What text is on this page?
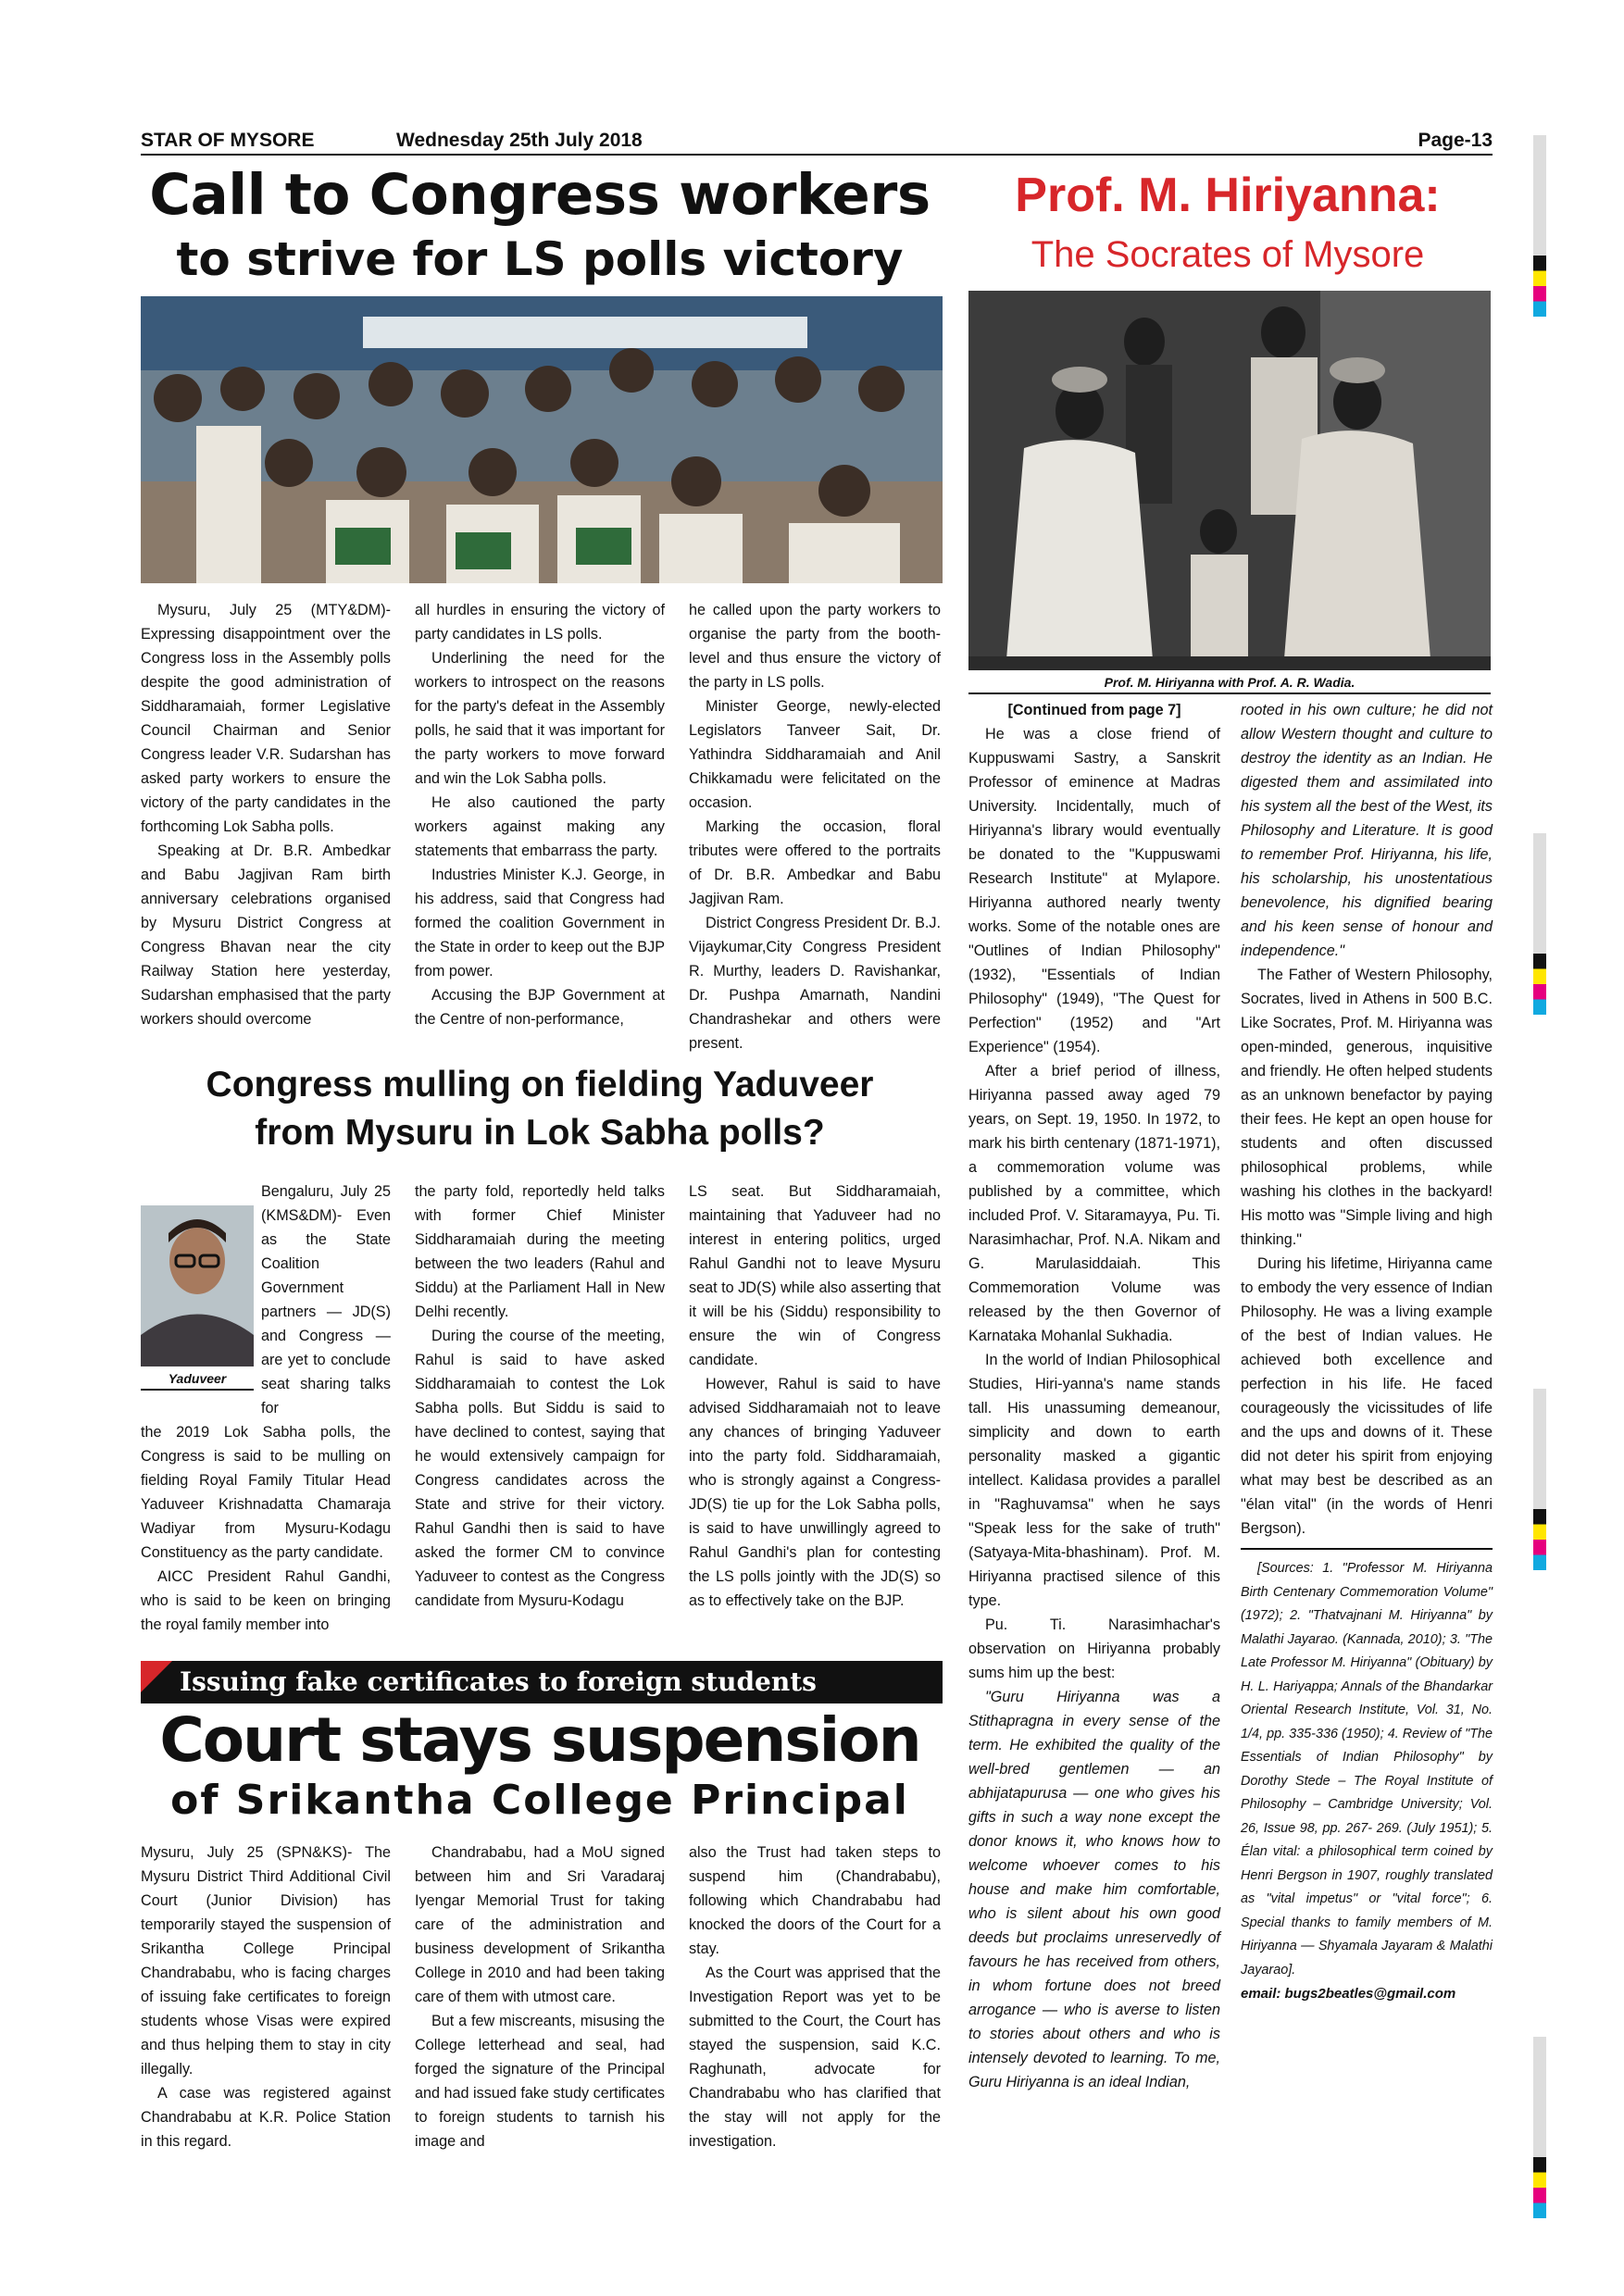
STAR OF MYSORE	Wednesday 25th July 2018	Page-13
Call to Congress workers
to strive for LS polls victory

Mysuru, July 25 (MTY&DM)- Expressing disappointment over the Congress loss in the Assembly polls despite the good administration of Siddharamaiah, former Legislative Council Chairman and Senior Congress leader V.R. Sudarshan has asked party workers to ensure the victory of the party candidates in the forthcoming Lok Sabha polls.

Speaking at Dr. B.R. Ambedkar and Babu Jagjivan Ram birth anniversary celebrations organised by Mysuru District Congress at Congress Bhavan near the city Railway Station here yesterday, Sudarshan emphasised that the party workers should overcome

all hurdles in ensuring the victory of party candidates in LS polls.

Underlining the need for the workers to introspect on the reasons for the party's defeat in the Assembly polls, he said that it was important for the party workers to move forward and win the Lok Sabha polls.

He also cautioned the party workers against making any statements that embarrass the party.

Industries Minister K.J. George, in his address, said that Congress had formed the coalition Government in the State in order to keep out the BJP from power.

Accusing the BJP Government at the Centre of non-performance,

he called upon the party workers to organise the party from the booth-level and thus ensure the victory of the party in LS polls.

Minister George, newly-elected Legislators Tanveer Sait, Dr. Yathindra Siddharamaiah and Anil Chikkamadu were felicitated on the occasion.

Marking the occasion, floral tributes were offered to the portraits of Dr. B.R. Ambedkar and Babu Jagjivan Ram.

District Congress President Dr. B.J. Vijaykumar,City Congress President R. Murthy, leaders D. Ravishankar, Dr. Pushpa Amarnath, Nandini Chandrashekar and others were present.

Congress mulling on fielding Yaduveer
from Mysuru in Lok Sabha polls?
Yaduveer

Bengaluru, July 25 (KMS&DM)- Even as the State Coalition Government partners — JD(S) and Congress — are yet to conclude seat sharing talks for

the 2019 Lok Sabha polls, the Congress is said to be mulling on fielding Royal Family Titular Head Yaduveer Krishnadatta Chamaraja Wadiyar from Mysuru-Kodagu Constituency as the party candidate.

AICC President Rahul Gandhi, who is said to be keen on bringing the royal family member into

the party fold, reportedly held talks with former Chief Minister Siddharamaiah during the meeting between the two leaders (Rahul and Siddu) at the Parliament Hall in New Delhi recently.

During the course of the meeting, Rahul is said to have asked Siddharamaiah to contest the Lok Sabha polls. But Siddu is said to have declined to contest, saying that he would extensively campaign for Congress candidates across the State and strive for their victory. Rahul Gandhi then is said to have asked the former CM to convince Yaduveer to contest as the Congress candidate from Mysuru-Kodagu

LS seat. But Siddharamaiah, maintaining that Yaduveer had no interest in entering politics, urged Rahul Gandhi not to leave Mysuru seat to JD(S) while also asserting that it will be his (Siddu) responsibility to ensure the win of Congress candidate.

However, Rahul is said to have advised Siddharamaiah not to leave any chances of bringing Yaduveer into the party fold. Siddharamaiah, who is strongly against a Congress-JD(S) tie up for the Lok Sabha polls, is said to have unwillingly agreed to Rahul Gandhi's plan for contesting the LS polls jointly with the JD(S) so as to effectively take on the BJP.

Issuing fake certificates to foreign students
Court stays suspension
of Srikantha College Principal

Mysuru, July 25 (SPN&KS)- The Mysuru District Third Additional Civil Court (Junior Division) has temporarily stayed the suspension of Srikantha College Principal Chandrababu, who is facing charges of issuing fake certificates to foreign students whose Visas were expired and thus helping them to stay in city illegally.

A case was registered against Chandrababu at K.R. Police Station in this regard.

Chandrababu, had a MoU signed between him and Sri Varadaraj Iyengar Memorial Trust for taking care of the administration and business development of Srikantha College in 2010 and had been taking care of them with utmost care.

But a few miscreants, misusing the College letterhead and seal, had forged the signature of the Principal and had issued fake study certificates to foreign students to tarnish his image and

also the Trust had taken steps to suspend him (Chandrababu), following which Chandrababu had knocked the doors of the Court for a stay.

As the Court was apprised that the Investigation Report was yet to be submitted to the Court, the Court has stayed the suspension, said K.C. Raghunath, advocate for Chandrababu who has clarified that the stay will not apply for the investigation.

Prof. M. Hiriyanna:
The Socrates of Mysore
Prof. M. Hiriyanna with Prof. A. R. Wadia.

[Continued from page 7]

He was a close friend of Kuppuswami Sastry, a Sanskrit Professor of eminence at Madras University. Incidentally, much of Hiriyanna's library would eventually be donated to the "Kuppuswami Research Institute" at Mylapore. Hiriyanna authored nearly twenty works. Some of the notable ones are "Outlines of Indian Philosophy" (1932), "Essentials of Indian Philosophy" (1949), "The Quest for Perfection" (1952) and "Art Experience" (1954).

After a brief period of illness, Hiriyanna passed away aged 79 years, on Sept. 19, 1950. In 1972, to mark his birth centenary (1871-1971), a commemoration volume was published by a committee, which included Prof. V. Sitaramayya, Pu. Ti. Narasimhachar, Prof. N.A. Nikam and G. Marulasiddaiah. This Commemoration Volume was released by the then Governor of Karnataka Mohanlal Sukhadia.

In the world of Indian Philosophical Studies, Hiri-yanna's name stands tall. His unassuming demeanour, simplicity and down to earth personality masked a gigantic intellect. Kalidasa provides a parallel in "Raghuvamsa" when he says "Speak less for the sake of truth" (Satyaya-Mita-bhashinam). Prof. M. Hiriyanna practised silence of this type.

Pu. Ti. Narasimhachar's observation on Hiriyanna probably sums him up the best:

"Guru Hiriyanna was a Stithapragna in every sense of the term. He exhibited the quality of the well-bred gentlemen — an abhijatapurusa — one who gives his gifts in such a way none except the donor knows it, who knows how to welcome whoever comes to his house and make him comfortable, who is silent about his own good deeds but proclaims unreservedly of favours he has received from others, in whom fortune does not breed arrogance — who is averse to listen to stories about others and who is intensely devoted to learning. To me, Guru Hiriyanna is an ideal Indian,

rooted in his own culture; he did not allow Western thought and culture to destroy the identity as an Indian. He digested them and assimilated into his system all the best of the West, its Philosophy and Literature. It is good to remember Prof. Hiriyanna, his life, his scholarship, his unostentatious benevolence, his dignified bearing and his keen sense of honour and independence."

The Father of Western Philosophy, Socrates, lived in Athens in 500 B.C. Like Socrates, Prof. M. Hiriyanna was open-minded, generous, inquisitive and friendly. He often helped students as an unknown benefactor by paying their fees. He kept an open house for students and often discussed philosophical problems, while washing his clothes in the backyard! His motto was "Simple living and high thinking."

During his lifetime, Hiriyanna came to embody the very essence of Indian Philosophy. He was a living example of the best of Indian values. He achieved both excellence and perfection in his life. He faced courageously the vicissitudes of life and the ups and downs of it. These did not deter his spirit from enjoying what may best be described as an "élan vital" (in the words of Henri Bergson).

[Sources: 1. "Professor M. Hiriyanna Birth Centenary Commemoration Volume" (1972); 2. "Thatvajnani M. Hiriyanna" by Malathi Jayarao. (Kannada, 2010); 3. "The Late Professor M. Hiriyanna" (Obituary) by H. L. Hariyappa; Annals of the Bhandarkar Oriental Research Institute, Vol. 31, No. 1/4, pp. 335-336 (1950); 4. Review of "The Essentials of Indian Philosophy" by Dorothy Stede – The Royal Institute of Philosophy – Cambridge University; Vol. 26, Issue 98, pp. 267- 269. (July 1951); 5. Élan vital: a philosophical term coined by Henri Bergson in 1907, roughly translated as "vital impetus" or "vital force"; 6. Special thanks to family members of M. Hiriyanna — Shyamala Jayaram & Malathi Jayarao].

email: bugs2beatles@gmail.com
